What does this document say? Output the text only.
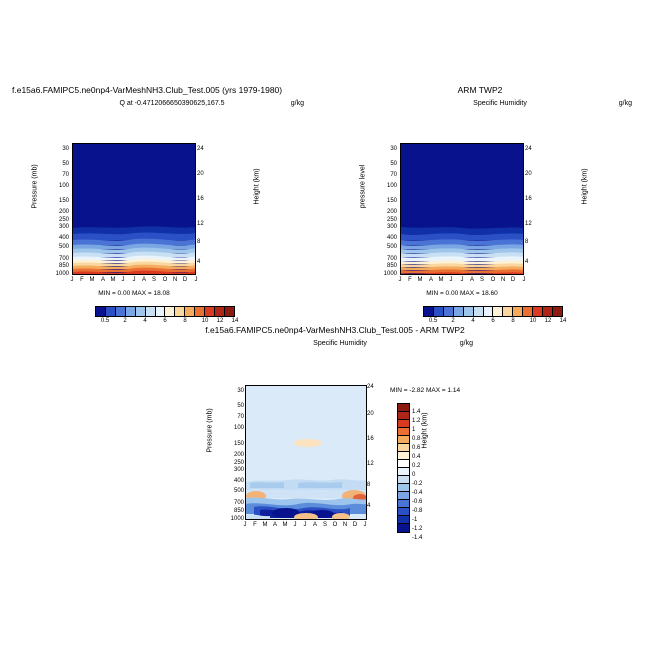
f.e15a6.FAMIPC5.ne0np4-VarMeshNH3.Club_Test.005 (yrs 1979-1980)
Q at -0.4712066650390625,167.5	g/kg
Pressure (mb)	Height (km)
30
50
70
100
150
200
250
300
400
500
700
850
1000
24
20
16
12
8
4
J	F M	A M	J	J	A S	O N D	J
MIN = 0.00 MAX = 18.08
0.5 2	4	6	8 10 12 14
ARM TWP2
Specific Humidity	g/kg
pressure level	Height (km)
30
50
70
100
150
200
250
300
400
500
700
850
1000
24
20
16
12
8
4
J	F M	A M	J	J	A S	O N D	J
MIN = 0.00 MAX = 18.60
0.5 2	4	6	8 10 12 14
f.e15a6.FAMIPC5.ne0np4-VarMeshNH3.Club_Test.005 - ARM TWP2
Specific Humidity	g/kg
Pressure (mb)	Height (km)
30
50
70
100
150
200
250
300
400
500
700
850
1000
24
20
16
12
8
4
J	F M A M	J	J	A S O N D	J
MIN = -2.82 MAX = 1.14
1.4
1.2
1
0.8
0.6
0.4
0.2
0
-0.2
-0.4
-0.6
-0.8
-1
-1.2
-1.4
